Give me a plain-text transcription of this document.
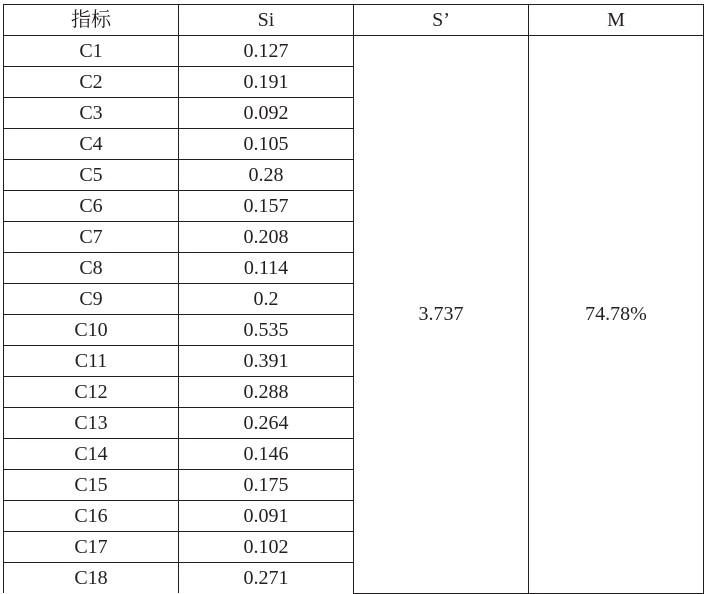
指标	Si	S’	M
C1	0.127	3.737	74.78%
C2	0.191		
C3	0.092		
C4	0.105		
C5	0.28		
C6	0.157		
C7	0.208		
C8	0.114		
C9	0.2		
C10	0.535		
C11	0.391		
C12	0.288		
C13	0.264		
C14	0.146		
C15	0.175		
C16	0.091		
C17	0.102		
C18	0.271		
